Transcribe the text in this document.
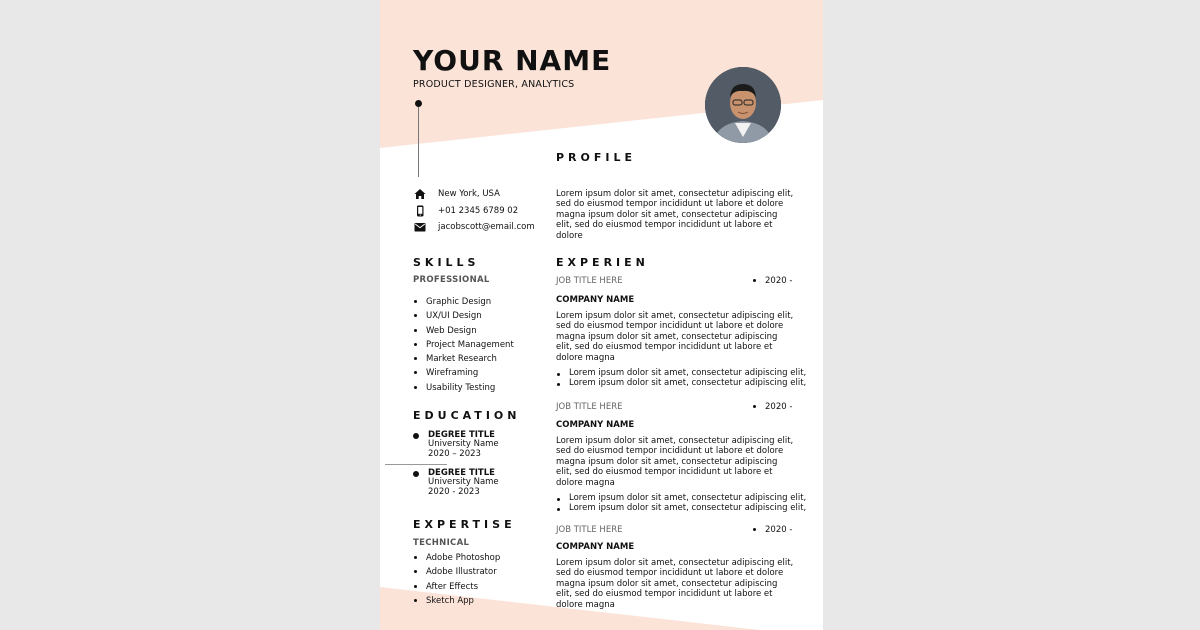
YOUR NAME
PRODUCT DESIGNER, ANALYTICS
New York, USA
+01 2345 6789 02
jacobscott@email.com
PROFILE
Lorem ipsum dolor sit amet, consectetur adipiscing elit, sed do eiusmod tempor incididunt ut labore et dolore magna ipsum dolor sit amet, consectetur adipiscing elit, sed do eiusmod tempor incididunt ut labore et dolore
SKILLS
PROFESSIONAL
Graphic Design
UX/UI Design
Web Design
Project Management
Market Research
Wireframing
Usability Testing
EDUCATION
DEGREE TITLE
University Name
2020 – 2023
DEGREE TITLE
University Name
2020 - 2023
EXPERTISE
TECHNICAL
Adobe Photoshop
Adobe Illustrator
After Effects
Sketch App
EXPERIEN
JOB TITLE HERE	2020 -
COMPANY NAME
Lorem ipsum dolor sit amet, consectetur adipiscing elit, sed do eiusmod tempor incididunt ut labore et dolore magna ipsum dolor sit amet, consectetur adipiscing elit, sed do eiusmod tempor incididunt ut labore et dolore magna
Lorem ipsum dolor sit amet, consectetur adipiscing elit,
Lorem ipsum dolor sit amet, consectetur adipiscing elit,
JOB TITLE HERE	2020 -
COMPANY NAME
Lorem ipsum dolor sit amet, consectetur adipiscing elit, sed do eiusmod tempor incididunt ut labore et dolore magna ipsum dolor sit amet, consectetur adipiscing elit, sed do eiusmod tempor incididunt ut labore et dolore magna
Lorem ipsum dolor sit amet, consectetur adipiscing elit,
Lorem ipsum dolor sit amet, consectetur adipiscing elit,
JOB TITLE HERE	2020 -
COMPANY NAME
Lorem ipsum dolor sit amet, consectetur adipiscing elit, sed do eiusmod tempor incididunt ut labore et dolore magna ipsum dolor sit amet, consectetur adipiscing elit, sed do eiusmod tempor incididunt ut labore et dolore magna
